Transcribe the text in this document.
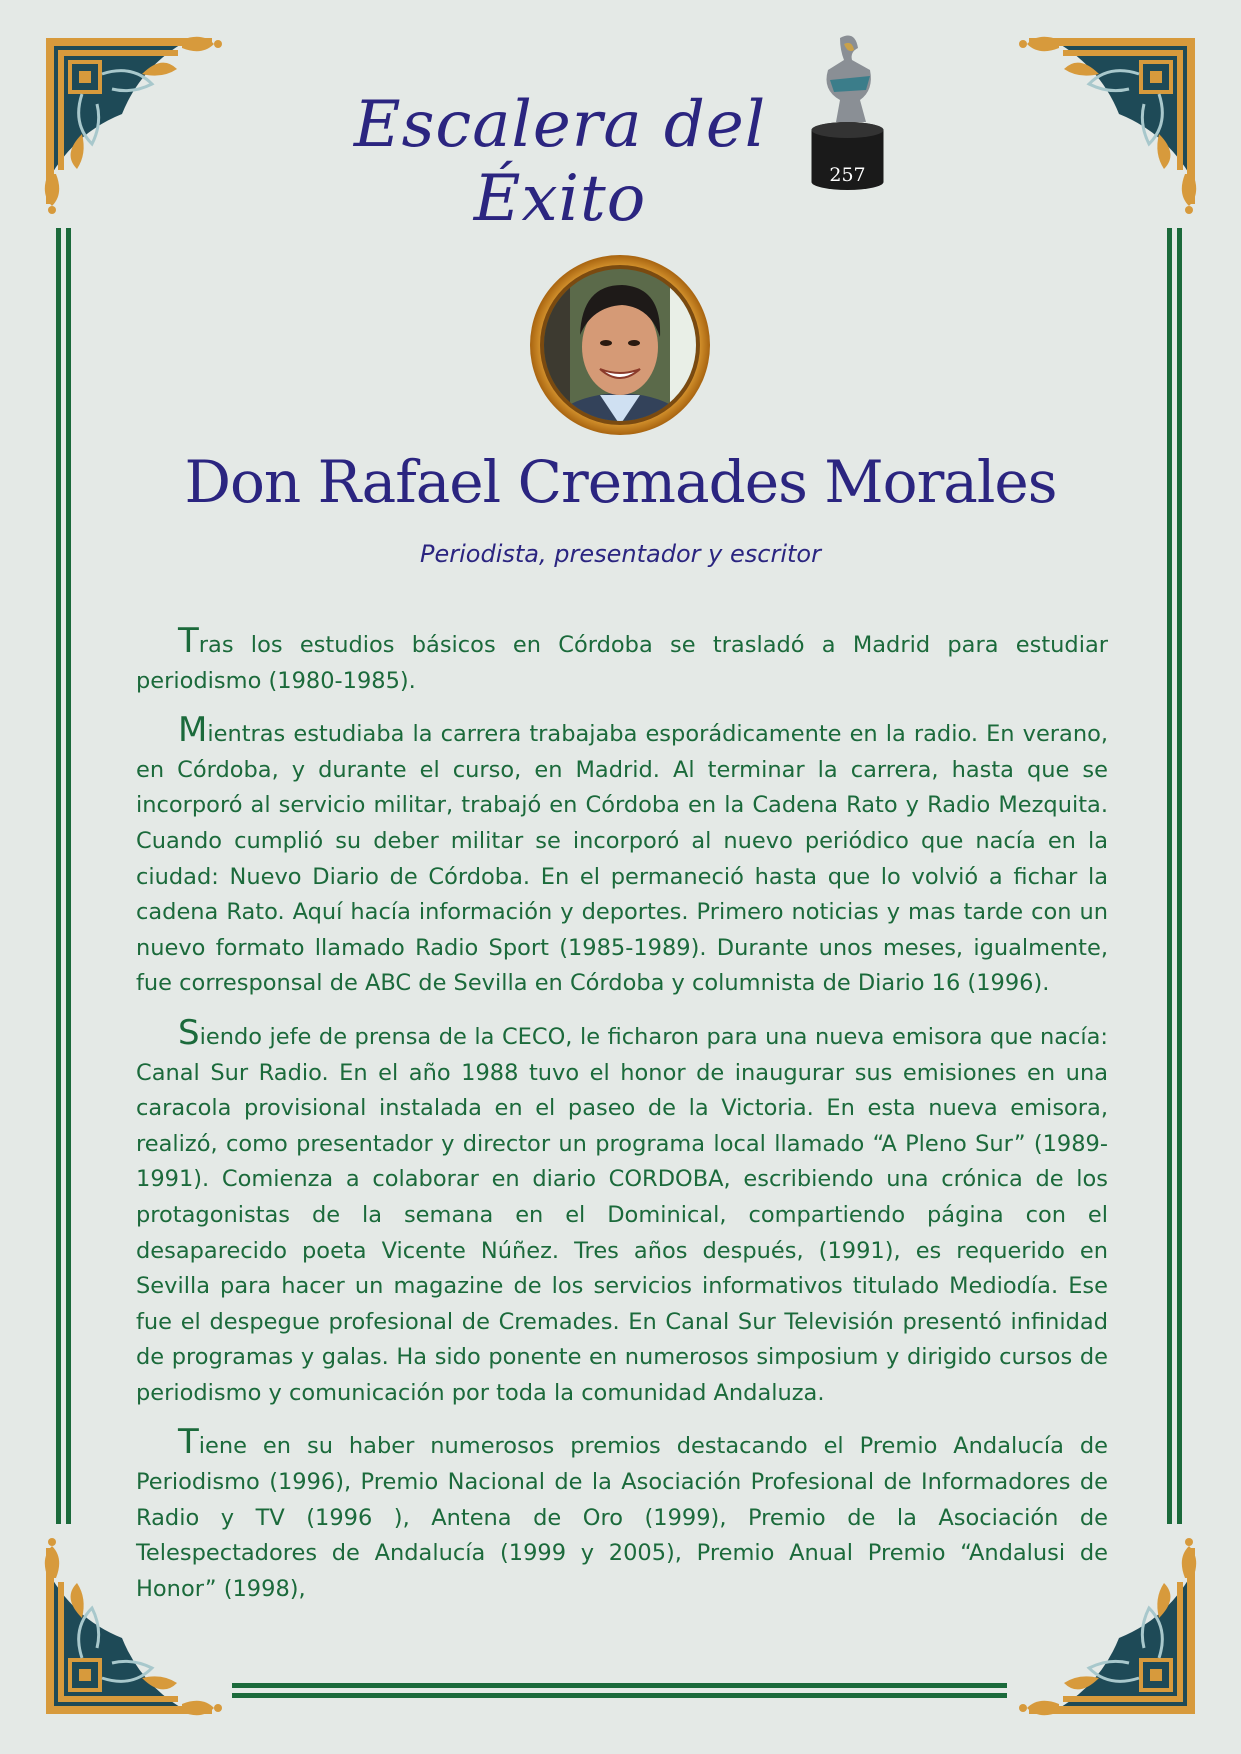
Escalera del Éxito	257
Don Rafael Cremades Morales
Periodista, presentador y escritor

Tras los estudios básicos en Córdoba se trasladó a Madrid para estudiar periodismo (1980-1985).

Mientras estudiaba la carrera trabajaba esporádicamente en la radio. En verano, en Córdoba, y durante el curso, en Madrid. Al terminar la carrera, hasta que se incorporó al servicio militar, trabajó en Córdoba en la Cadena Rato y Radio Mezquita. Cuando cumplió su deber militar se incorporó al nuevo periódico que nacía en la ciudad: Nuevo Diario de Córdoba. En el permaneció hasta que lo volvió a fichar la cadena Rato. Aquí hacía información y deportes. Primero noticias y mas tarde con un nuevo formato llamado Radio Sport (1985-1989). Durante unos meses, igualmente, fue corresponsal de ABC de Sevilla en Córdoba y columnista de Diario 16 (1996).

Siendo jefe de prensa de la CECO, le ficharon para una nueva emisora que nacía: Canal Sur Radio. En el año 1988 tuvo el honor de inaugurar sus emisiones en una caracola provisional instalada en el paseo de la Victoria. En esta nueva emisora, realizó, como presentador y director un programa local llamado “A Pleno Sur” (1989-1991). Comienza a colaborar en diario CORDOBA, escribiendo una crónica de los protagonistas de la semana en el Dominical, compartiendo página con el desaparecido poeta Vicente Núñez. Tres años después, (1991), es requerido en Sevilla para hacer un magazine de los servicios informativos titulado Mediodía. Ese fue el despegue profesional de Cremades. En Canal Sur Televisión presentó infinidad de programas y galas. Ha sido ponente en numerosos simposium y dirigido cursos de periodismo y comunicación por toda la comunidad Andaluza.

Tiene en su haber numerosos premios destacando el Premio Andalucía de Periodismo (1996), Premio Nacional de la Asociación Profesional de Informadores de Radio y TV (1996 ), Antena de Oro (1999), Premio de la Asociación de Telespectadores de Andalucía (1999 y 2005), Premio Anual Premio “Andalusi de Honor” (1998),
